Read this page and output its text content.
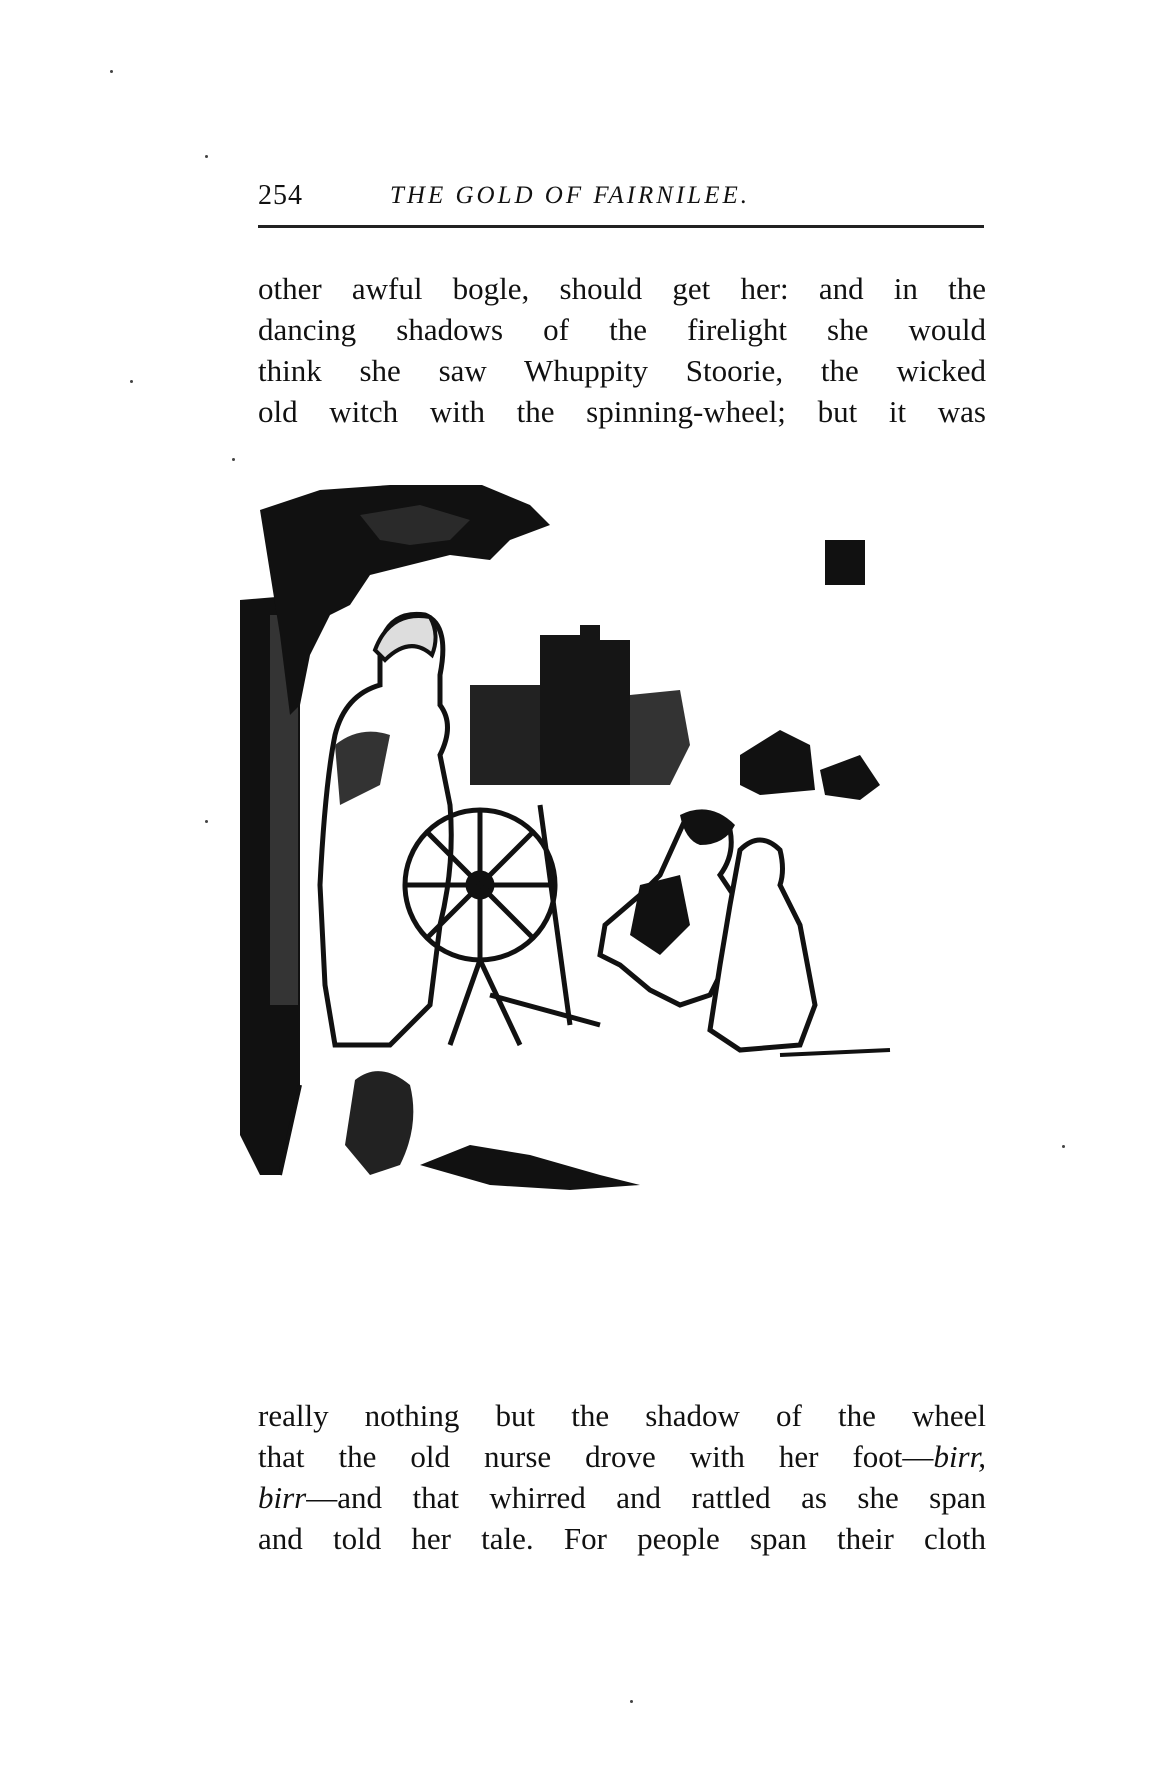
254	THE GOLD OF FAIRNILEE.
other awful bogle, should get her: and in the
dancing shadows of the firelight she would
think she saw Whuppity Stoorie, the wicked
old witch with the spinning-wheel; but it was
really nothing but the shadow of the wheel
that the old nurse drove with her foot—birr,
birr—and that whirred and rattled as she span
and told her tale. For people span their cloth
